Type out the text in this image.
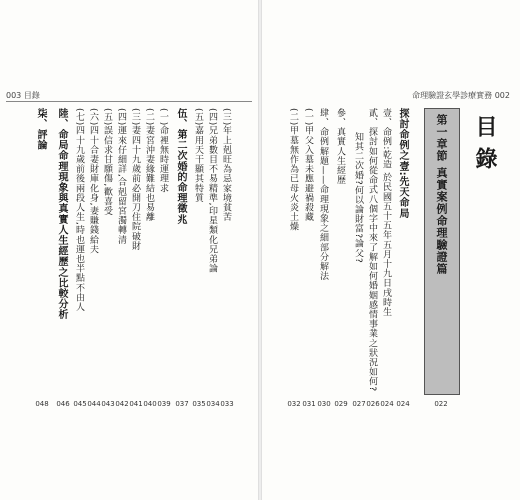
003 目錄	命理驗證玄學診療實務 002
目錄
第一章節 真實案例命理驗證篇
022
探討命例之壹:先天命局
024
壹、命例:乾造 於民國五十五年五月十九日戌時生
024
貳、探討如何從命式八個字中來了解如何婚姻感情事業之狀況如何?
026
知其二次婚?何以論財富?論父?
027
參、真實人生經歷
029
肆、命例解題——命理現象之細部分解法
030
(一)甲父入墓未應避禍殺藏
031
(二)甲墓無作為已母火炎土燥
032
(三)年上剋旺為忌家境貧苦
033
(四)兄弟數目不易精準,印星類化兄弟論
034
(五)嘉用天干顯其特質
035
伍、第二次婚的命理徵兆
037
(一)命裡無時運理求
039
(二)妻宮沖妻緣難結也易離
040
(三)妻四十九歲前必開刀住院破財
041
(四)運來仔細詳,合剋留宮濁轉清
042
(五)誤信求甘願傷,歡喜受
043
(六)四十合妻財庫化身,妻賺錢給夫
044
(七)四十九歲前後兩段人生,時也運也半點不由人
045
陸、命局命理現象與真實人生經歷之比較分析
046
柒、評論
048
